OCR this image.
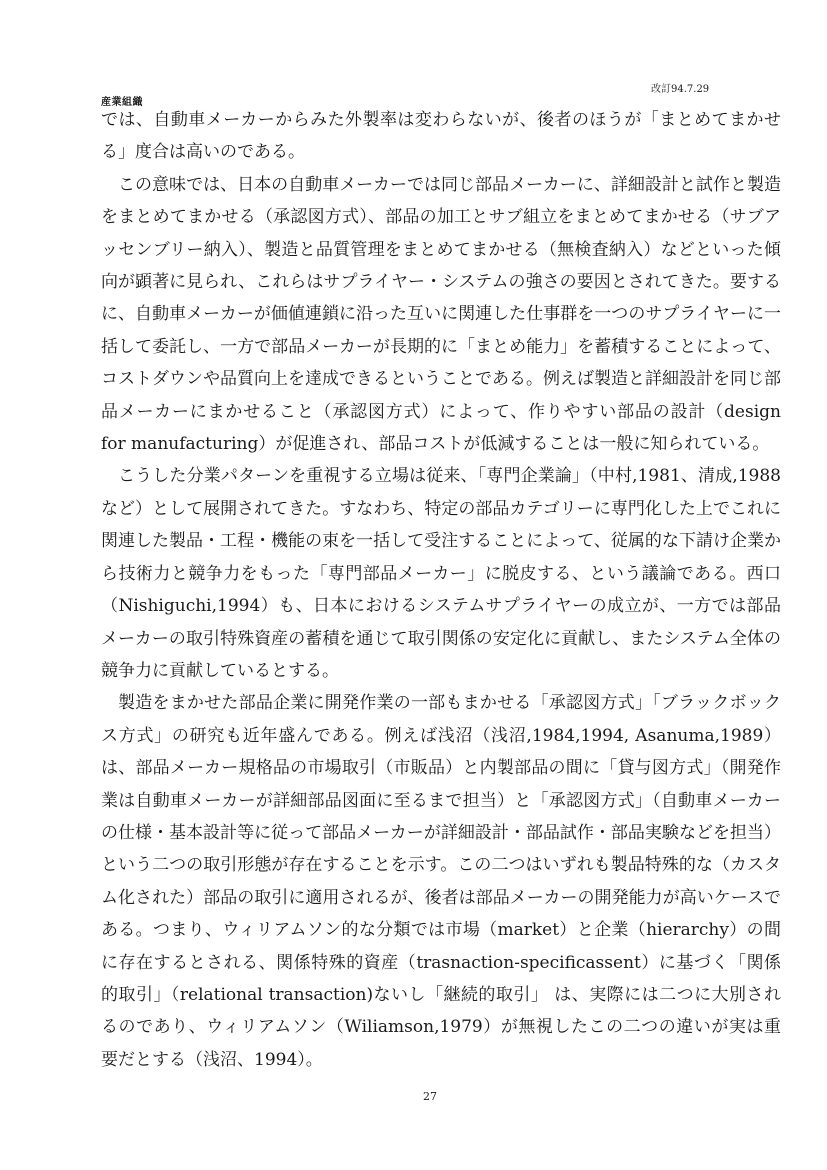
産業組織
改訂94.7.29

では、自動車メーカーからみた外製率は変わらないが、後者のほうが「まとめてまかせる」度合は高いのである。

この意味では、日本の自動車メーカーでは同じ部品メーカーに、詳細設計と試作と製造をまとめてまかせる（承認図方式）、部品の加工とサブ組立をまとめてまかせる（サブアッセンブリー納入）、製造と品質管理をまとめてまかせる（無検査納入）などといった傾向が顕著に見られ、これらはサプライヤー・システムの強さの要因とされてきた。要するに、自動車メーカーが価値連鎖に沿った互いに関連した仕事群を一つのサプライヤーに一括して委託し、一方で部品メーカーが長期的に「まとめ能力」を蓄積することによって、コストダウンや品質向上を達成できるということである。例えば製造と詳細設計を同じ部品メーカーにまかせること（承認図方式）によって、作りやすい部品の設計（design for manufacturing）が促進され、部品コストが低減することは一般に知られている。

こうした分業パターンを重視する立場は従来、「専門企業論」（中村,1981、清成,1988など）として展開されてきた。すなわち、特定の部品カテゴリーに専門化した上でこれに関連した製品・工程・機能の束を一括して受注することによって、従属的な下請け企業から技術力と競争力をもった「専門部品メーカー」に脱皮する、という議論である。西口（Nishiguchi,1994）も、日本におけるシステムサプライヤーの成立が、一方では部品メーカーの取引特殊資産の蓄積を通じて取引関係の安定化に貢献し、またシステム全体の競争力に貢献しているとする。

製造をまかせた部品企業に開発作業の一部もまかせる「承認図方式」「ブラックボックス方式」の研究も近年盛んである。例えば浅沼（浅沼,1984,1994, Asanuma,1989）は、部品メーカー規格品の市場取引（市販品）と内製部品の間に「貸与図方式」（開発作業は自動車メーカーが詳細部品図面に至るまで担当）と「承認図方式」（自動車メーカーの仕様・基本設計等に従って部品メーカーが詳細設計・部品試作・部品実験などを担当）という二つの取引形態が存在することを示す。この二つはいずれも製品特殊的な（カスタム化された）部品の取引に適用されるが、後者は部品メーカーの開発能力が高いケースである。つまり、ウィリアムソン的な分類では市場（market）と企業（hierarchy）の間に存在するとされる、関係特殊的資産（trasnaction-specificassent）に基づく「関係的取引」（relational transaction)ないし「継続的取引」 は、実際には二つに大別されるのであり、ウィリアムソン（Wiliamson,1979）が無視したこの二つの違いが実は重要だとする（浅沼、1994）。

27
